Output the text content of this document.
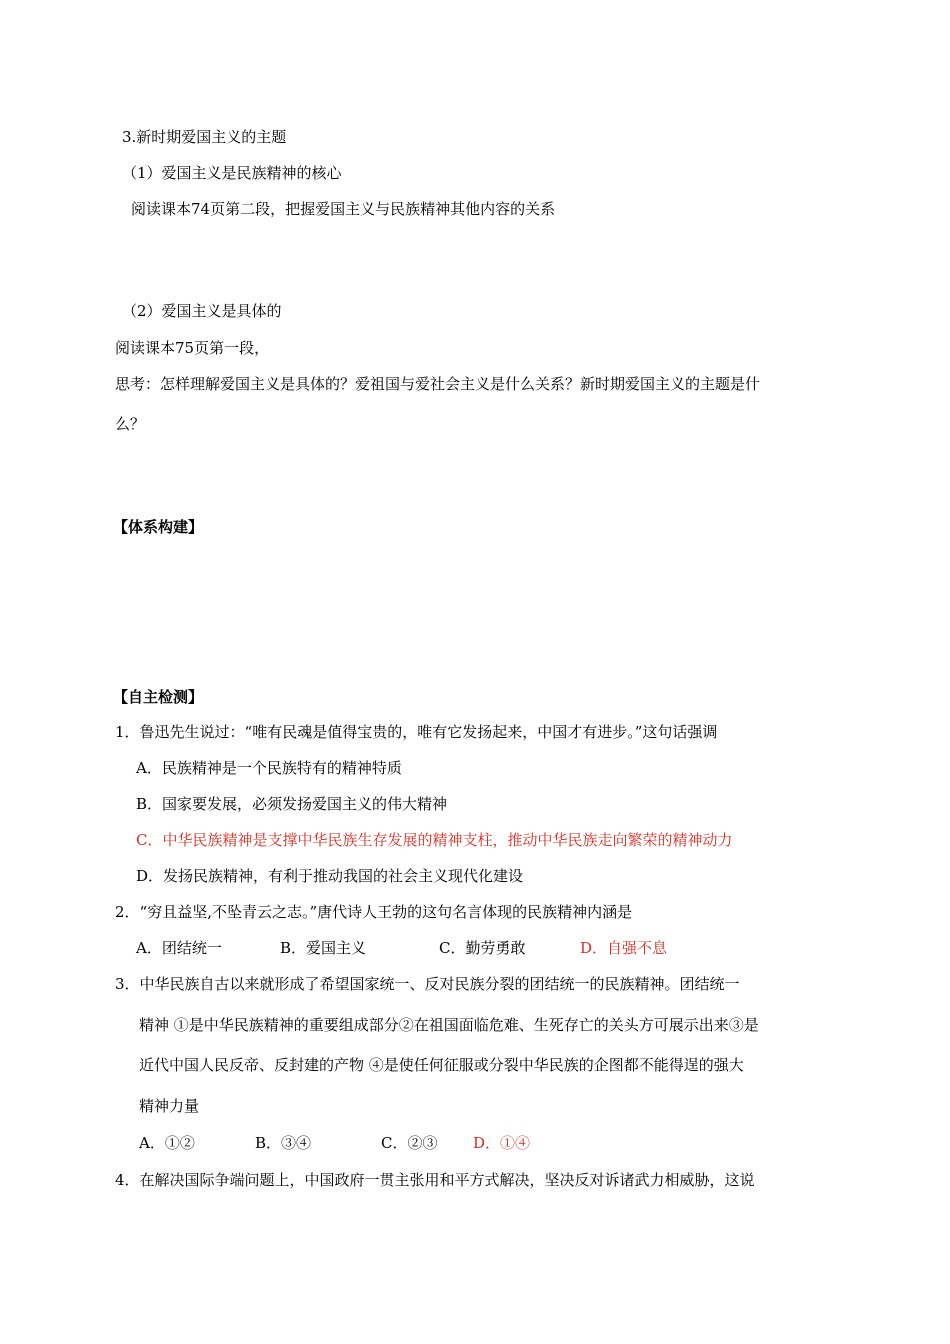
3.新时期爱国主义的主题
（1）爱国主义是民族精神的核心
阅读课本74页第二段，把握爱国主义与民族精神其他内容的关系
（2）爱国主义是具体的
阅读课本75页第一段，
思考：怎样理解爱国主义是具体的？爱祖国与爱社会主义是什么关系？新时期爱国主义的主题是什
么？
【体系构建】
【自主检测】
1．鲁迅先生说过：“唯有民魂是值得宝贵的，唯有它发扬起来，中国才有进步。”这句话强调
A．民族精神是一个民族特有的精神特质
B．国家要发展，必须发扬爱国主义的伟大精神
C．中华民族精神是支撑中华民族生存发展的精神支柱，推动中华民族走向繁荣的精神动力
D．发扬民族精神，有利于推动我国的社会主义现代化建设
2．“穷且益坚,不坠青云之志。”唐代诗人王勃的这句名言体现的民族精神内涵是
A．团结统一	B．爱国主义	C．勤劳勇敢	D．自强不息
3．中华民族自古以来就形成了希望国家统一、反对民族分裂的团结统一的民族精神。团结统一
精神 ①是中华民族精神的重要组成部分②在祖国面临危难、生死存亡的关头方可展示出来③是
近代中国人民反帝、反封建的产物 ④是使任何征服或分裂中华民族的企图都不能得逞的强大
精神力量
A．①②	B．③④	C．②③ D．①④
4．在解决国际争端问题上，中国政府一贯主张用和平方式解决，坚决反对诉诸武力相威胁，这说
